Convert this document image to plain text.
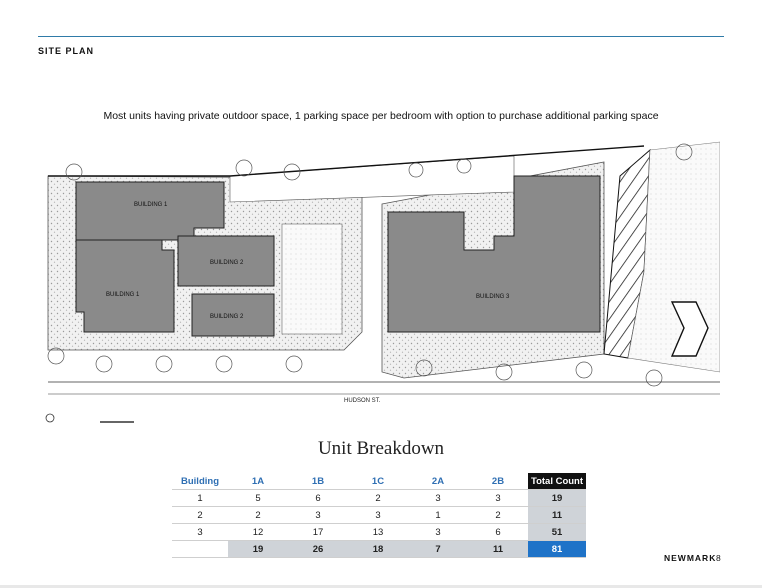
SITE PLAN
Most units having private outdoor space, 1 parking space per bedroom with option to purchase additional parking space
BUILDING 1
BUILDING 1
BUILDING 2
BUILDING 2
BUILDING 3
HUDSON ST.
Unit Breakdown
Building	1A	1B	1C	2A	2B	Total Count
1	5	6	2	3	3	19
2	2	3	3	1	2	11
3	12	17	13	3	6	51
	19	26	18	7	11	81
NEWMARK 8
